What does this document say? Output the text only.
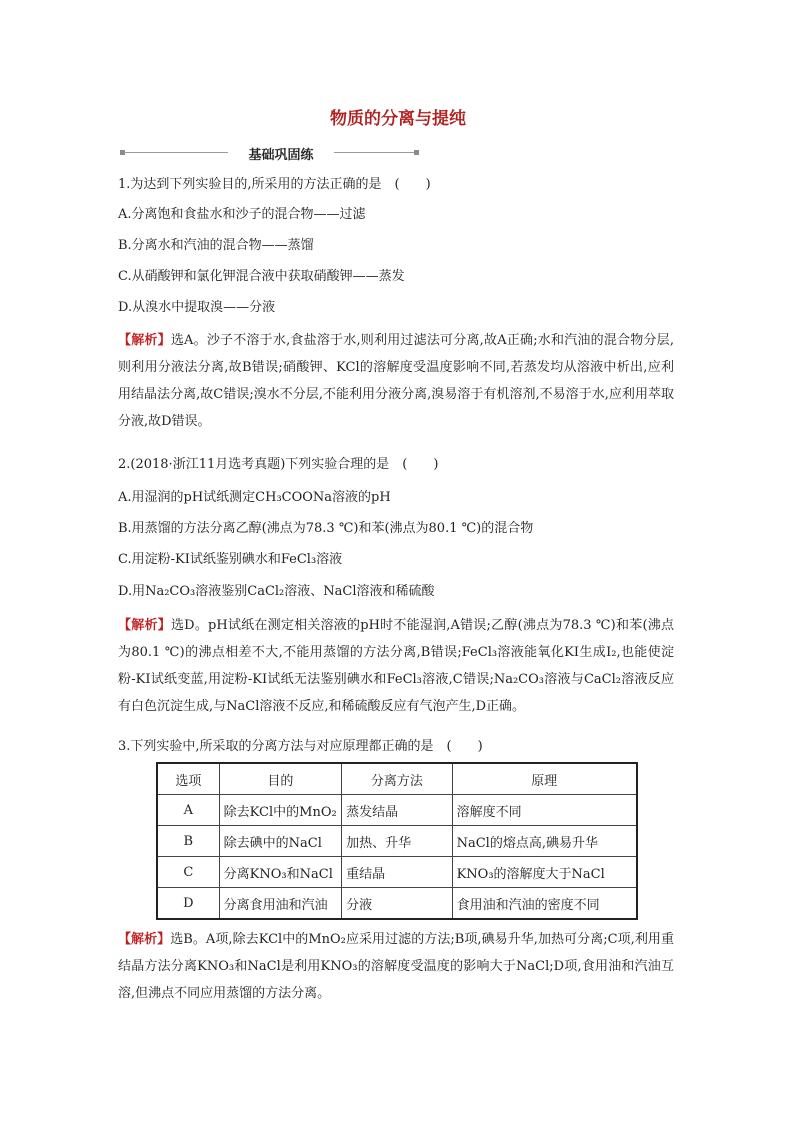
物质的分离与提纯
基础巩固练
1.为达到下列实验目的,所采用的方法正确的是　(　　)
A.分离饱和食盐水和沙子的混合物——过滤
B.分离水和汽油的混合物——蒸馏
C.从硝酸钾和氯化钾混合液中获取硝酸钾——蒸发
D.从溴水中提取溴——分液
【解析】选A。沙子不溶于水,食盐溶于水,则利用过滤法可分离,故A正确;水和汽油的混合物分层,则利用分液法分离,故B错误;硝酸钾、KCl的溶解度受温度影响不同,若蒸发均从溶液中析出,应利用结晶法分离,故C错误;溴水不分层,不能利用分液分离,溴易溶于有机溶剂,不易溶于水,应利用萃取分液,故D错误。
2.(2018·浙江11月选考真题)下列实验合理的是　(　　)
A.用湿润的pH试纸测定CH₃COONa溶液的pH
B.用蒸馏的方法分离乙醇(沸点为78.3 ℃)和苯(沸点为80.1 ℃)的混合物
C.用淀粉-KI试纸鉴别碘水和FeCl₃溶液
D.用Na₂CO₃溶液鉴别CaCl₂溶液、NaCl溶液和稀硫酸
【解析】选D。pH试纸在测定相关溶液的pH时不能湿润,A错误;乙醇(沸点为78.3 ℃)和苯(沸点为80.1 ℃)的沸点相差不大,不能用蒸馏的方法分离,B错误;FeCl₃溶液能氧化KI生成I₂,也能使淀粉-KI试纸变蓝,用淀粉-KI试纸无法鉴别碘水和FeCl₃溶液,C错误;Na₂CO₃溶液与CaCl₂溶液反应有白色沉淀生成,与NaCl溶液不反应,和稀硫酸反应有气泡产生,D正确。
3.下列实验中,所采取的分离方法与对应原理都正确的是　(　　)
选项	目的	分离方法	原理
A	除去KCl中的MnO₂	蒸发结晶	溶解度不同
B	除去碘中的NaCl	加热、升华	NaCl的熔点高,碘易升华
C	分离KNO₃和NaCl	重结晶	KNO₃的溶解度大于NaCl
D	分离食用油和汽油	分液	食用油和汽油的密度不同
【解析】选B。A项,除去KCl中的MnO₂应采用过滤的方法;B项,碘易升华,加热可分离;C项,利用重结晶方法分离KNO₃和NaCl是利用KNO₃的溶解度受温度的影响大于NaCl;D项,食用油和汽油互溶,但沸点不同应用蒸馏的方法分离。
